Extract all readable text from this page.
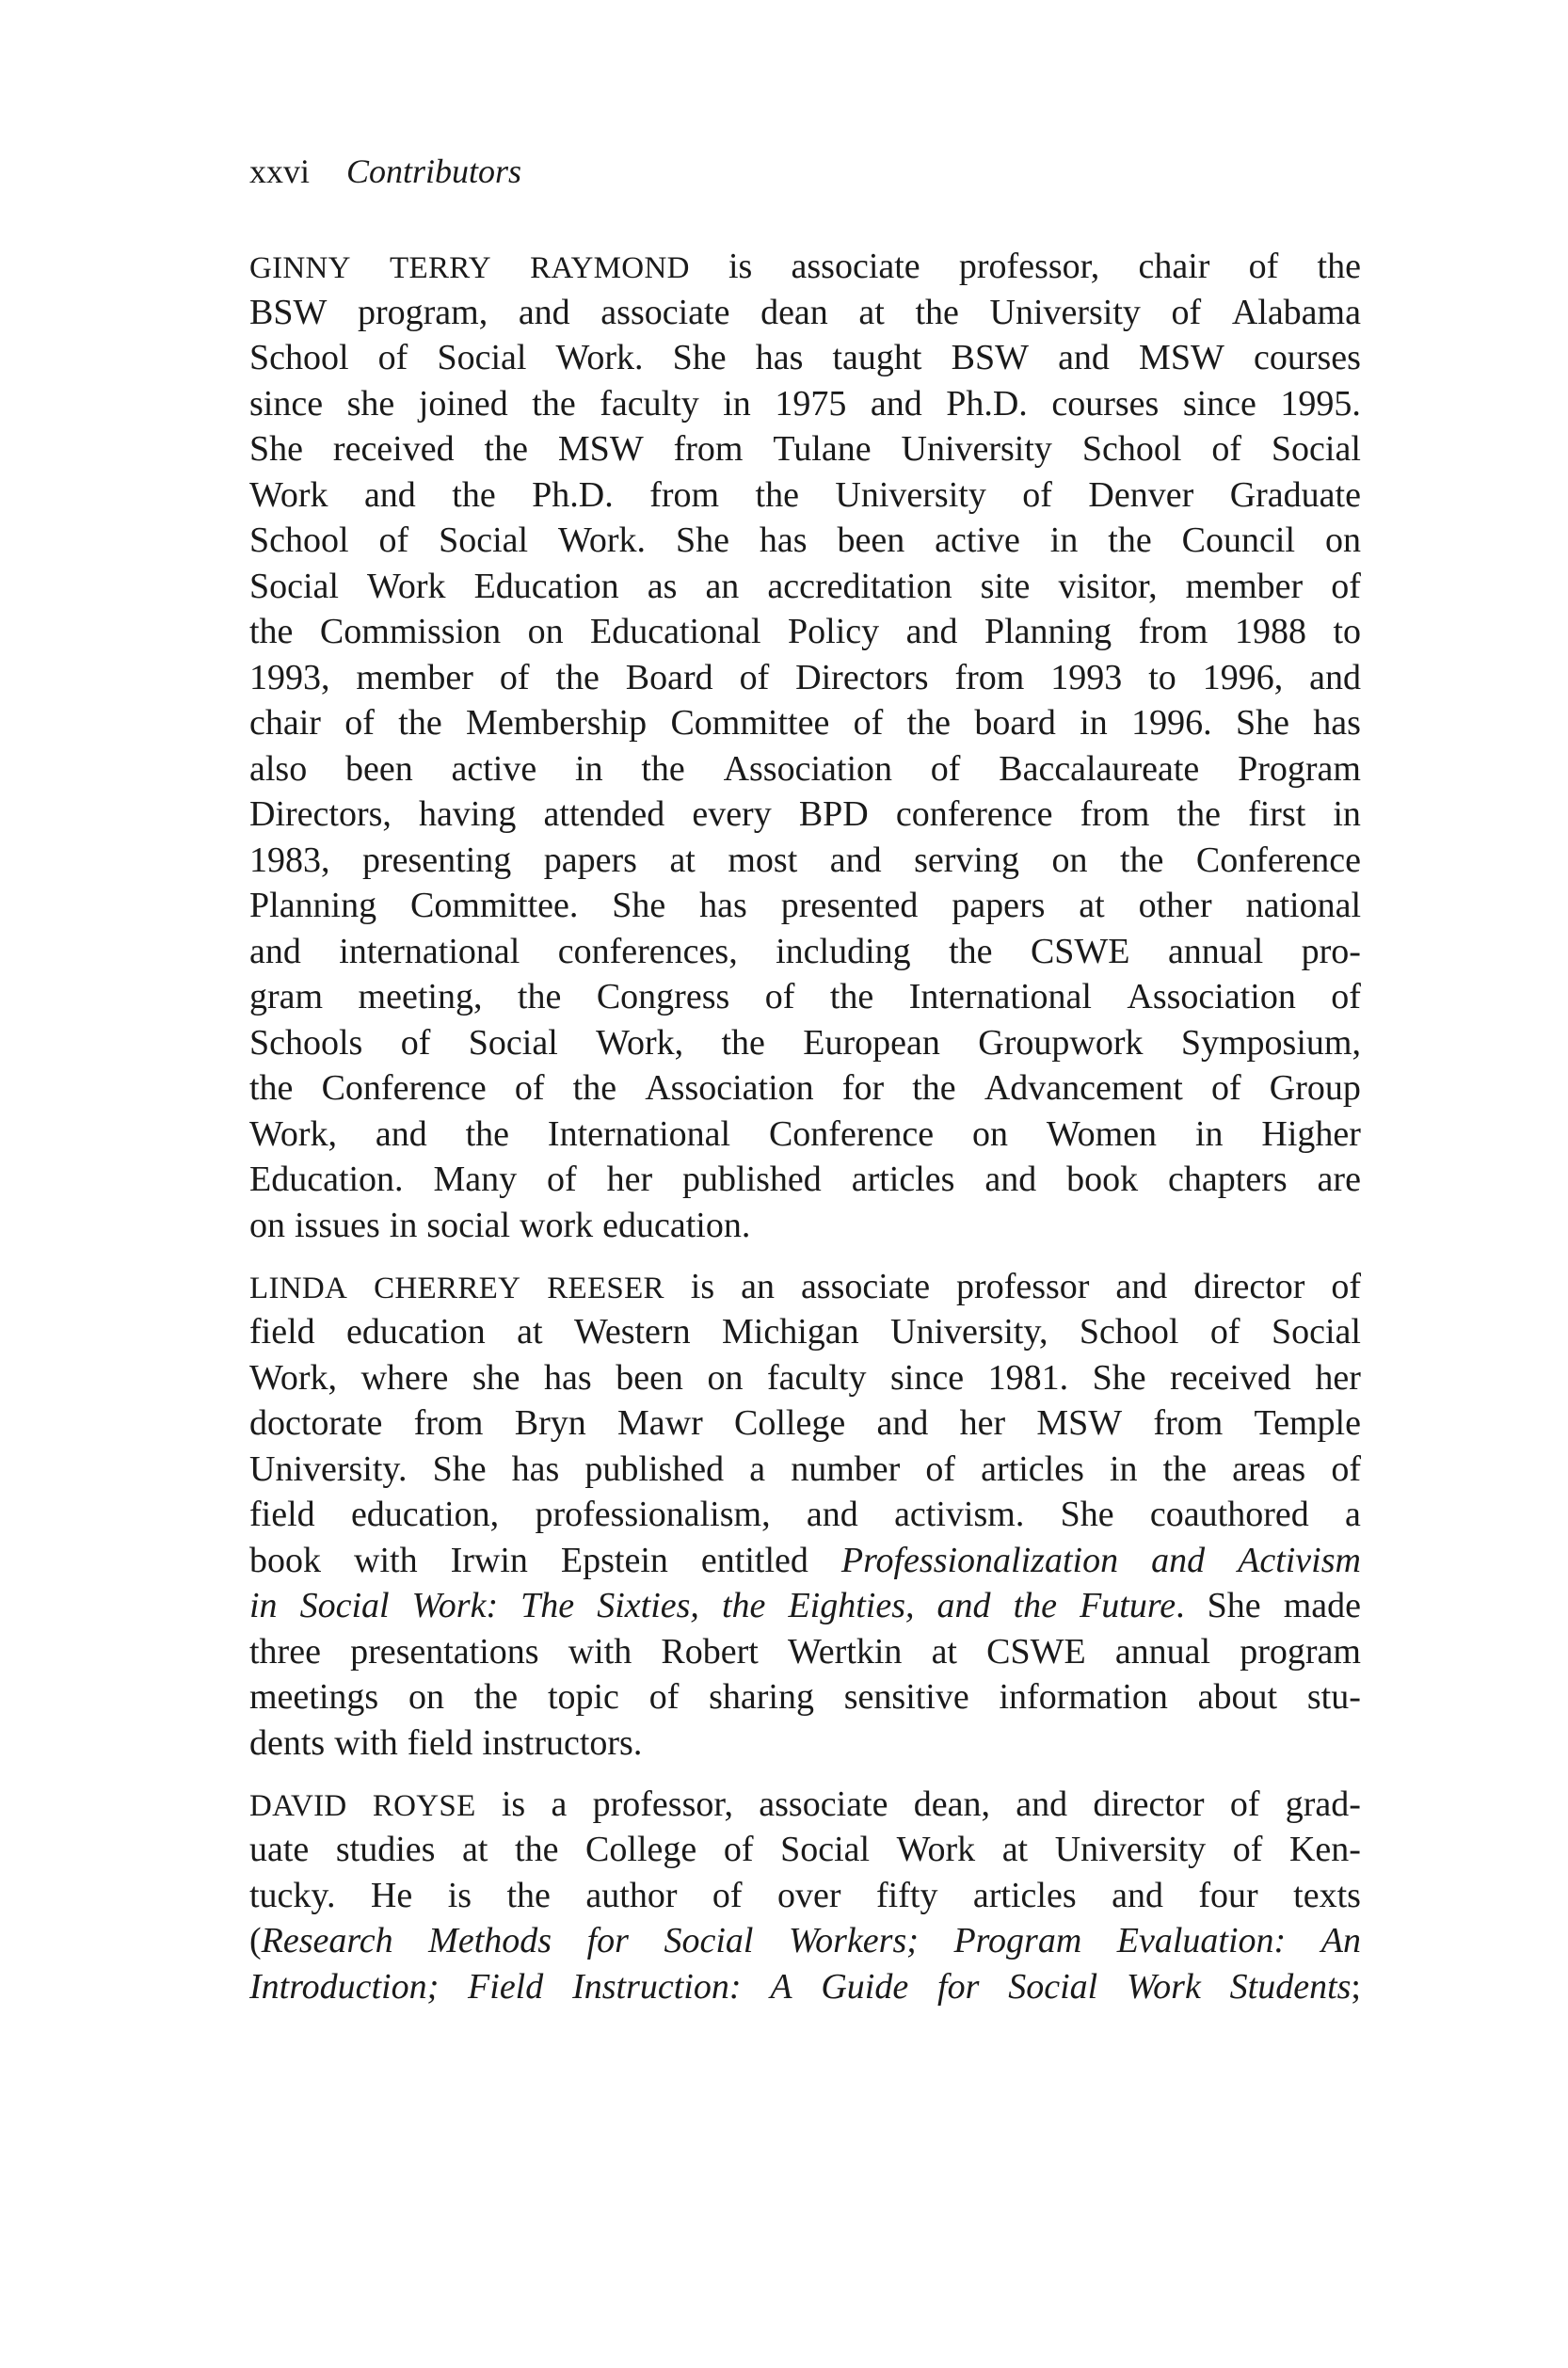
xxvi Contributors
GINNY TERRY RAYMOND is associate professor, chair of the
BSW program, and associate dean at the University of Alabama
School of Social Work. She has taught BSW and MSW courses
since she joined the faculty in 1975 and Ph.D. courses since 1995.
She received the MSW from Tulane University School of Social
Work and the Ph.D. from the University of Denver Graduate
School of Social Work. She has been active in the Council on
Social Work Education as an accreditation site visitor, member of
the Commission on Educational Policy and Planning from 1988 to
1993, member of the Board of Directors from 1993 to 1996, and
chair of the Membership Committee of the board in 1996. She has
also been active in the Association of Baccalaureate Program
Directors, having attended every BPD conference from the first in
1983, presenting papers at most and serving on the Conference
Planning Committee. She has presented papers at other national
and international conferences, including the CSWE annual pro-
gram meeting, the Congress of the International Association of
Schools of Social Work, the European Groupwork Symposium,
the Conference of the Association for the Advancement of Group
Work, and the International Conference on Women in Higher
Education. Many of her published articles and book chapters are
on issues in social work education.
LINDA CHERREY REESER is an associate professor and director of
field education at Western Michigan University, School of Social
Work, where she has been on faculty since 1981. She received her
doctorate from Bryn Mawr College and her MSW from Temple
University. She has published a number of articles in the areas of
field education, professionalism, and activism. She coauthored a
book with Irwin Epstein entitled Professionalization and Activism
in Social Work: The Sixties, the Eighties, and the Future. She made
three presentations with Robert Wertkin at CSWE annual program
meetings on the topic of sharing sensitive information about stu-
dents with field instructors.
DAVID ROYSE is a professor, associate dean, and director of grad-
uate studies at the College of Social Work at University of Ken-
tucky. He is the author of over fifty articles and four texts
(Research Methods for Social Workers; Program Evaluation: An
Introduction; Field Instruction: A Guide for Social Work Students;
